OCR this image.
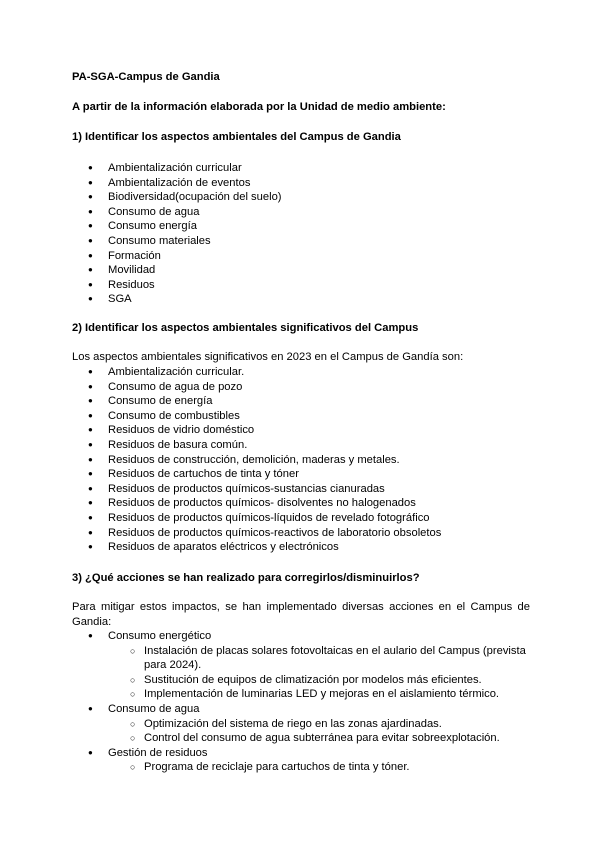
PA-SGA-Campus de Gandia

A partir de la información elaborada por la Unidad de medio ambiente:

1) Identificar los aspectos ambientales del Campus de Gandia

● Ambientalización curricular
● Ambientalización de eventos
● Biodiversidad(ocupación del suelo)
● Consumo de agua
● Consumo energía
● Consumo materiales
● Formación
● Movilidad
● Residuos
● SGA

2) Identificar los aspectos ambientales significativos del Campus

Los aspectos ambientales significativos en 2023 en el Campus de Gandía son:

● Ambientalización curricular.
● Consumo de agua de pozo
● Consumo de energía
● Consumo de combustibles
● Residuos de vidrio doméstico
● Residuos de basura común.
● Residuos de construcción, demolición, maderas y metales.
● Residuos de cartuchos de tinta y tóner
● Residuos de productos químicos-sustancias cianuradas
● Residuos de productos químicos- disolventes no halogenados
● Residuos de productos químicos-líquidos de revelado fotográfico
● Residuos de productos químicos-reactivos de laboratorio obsoletos
● Residuos de aparatos eléctricos y electrónicos

3) ¿Qué acciones se han realizado para corregirlos/disminuirlos?

Para mitigar estos impactos, se han implementado diversas acciones en el Campus de Gandia:

● Consumo energético
○ Instalación de placas solares fotovoltaicas en el aulario del Campus (prevista para 2024).
○ Sustitución de equipos de climatización por modelos más eficientes.
○ Implementación de luminarias LED y mejoras en el aislamiento térmico.
● Consumo de agua
○ Optimización del sistema de riego en las zonas ajardinadas.
○ Control del consumo de agua subterránea para evitar sobreexplotación.
● Gestión de residuos
○ Programa de reciclaje para cartuchos de tinta y tóner.
